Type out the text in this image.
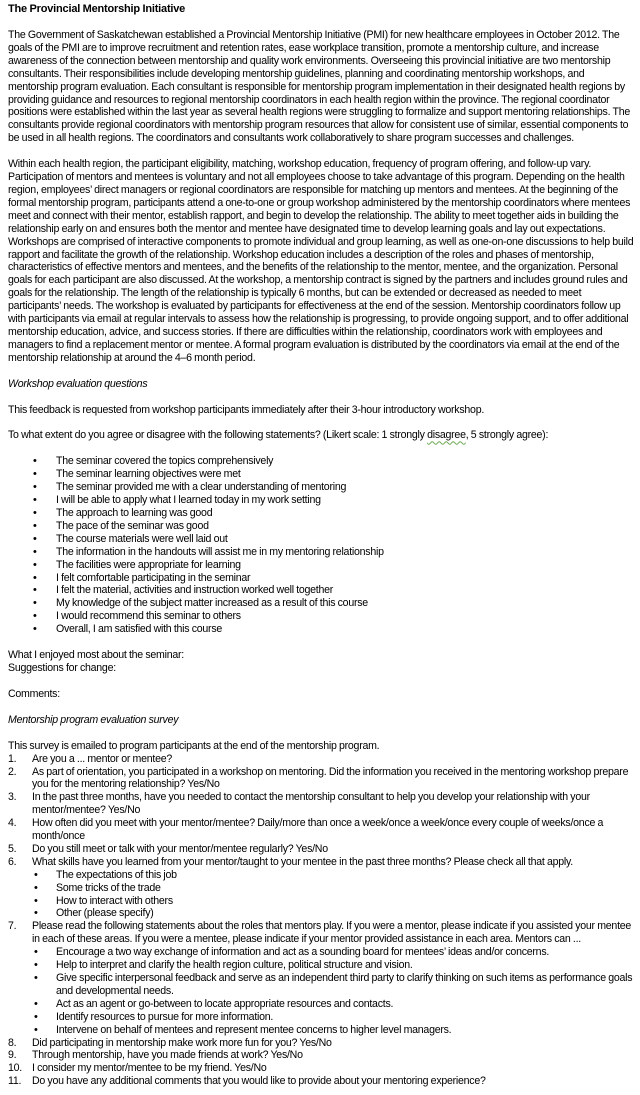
The Provincial Mentorship Initiative

The Government of Saskatchewan established a Provincial Mentorship Initiative (PMI) for new healthcare employees in October 2012. The goals of the PMI are to improve recruitment and retention rates, ease workplace transition, promote a mentorship culture, and increase awareness of the connection between mentorship and quality work environments. Overseeing this provincial initiative are two mentorship consultants. Their responsibilities include developing mentorship guidelines, planning and coordinating mentorship workshops, and mentorship program evaluation. Each consultant is responsible for mentorship program implementation in their designated health regions by providing guidance and resources to regional mentorship coordinators in each health region within the province. The regional coordinator positions were established within the last year as several health regions were struggling to formalize and support mentoring relationships. The consultants provide regional coordinators with mentorship program resources that allow for consistent use of similar, essential components to be used in all health regions. The coordinators and consultants work collaboratively to share program successes and challenges.

Within each health region, the participant eligibility, matching, workshop education, frequency of program offering, and follow-up vary. Participation of mentors and mentees is voluntary and not all employees choose to take advantage of this program. Depending on the health region, employees’ direct managers or regional coordinators are responsible for matching up mentors and mentees. At the beginning of the formal mentorship program, participants attend a one-to-one or group workshop administered by the mentorship coordinators where mentees meet and connect with their mentor, establish rapport, and begin to develop the relationship. The ability to meet together aids in building the relationship early on and ensures both the mentor and mentee have designated time to develop learning goals and lay out expectations. Workshops are comprised of interactive components to promote individual and group learning, as well as one-on-one discussions to help build rapport and facilitate the growth of the relationship. Workshop education includes a description of the roles and phases of mentorship, characteristics of effective mentors and mentees, and the benefits of the relationship to the mentor, mentee, and the organization. Personal goals for each participant are also discussed. At the workshop, a mentorship contract is signed by the partners and includes ground rules and goals for the relationship. The length of the relationship is typically 6 months, but can be extended or decreased as needed to meet participants’ needs. The workshop is evaluated by participants for effectiveness at the end of the session. Mentorship coordinators follow up with participants via email at regular intervals to assess how the relationship is progressing, to provide ongoing support, and to offer additional mentorship education, advice, and success stories. If there are difficulties within the relationship, coordinators work with employees and managers to find a replacement mentor or mentee. A formal program evaluation is distributed by the coordinators via email at the end of the mentorship relationship at around the 4–6 month period.

Workshop evaluation questions

This feedback is requested from workshop participants immediately after their 3-hour introductory workshop.

To what extent do you agree or disagree with the following statements? (Likert scale: 1 strongly disagree, 5 strongly agree):

• The seminar covered the topics comprehensively
• The seminar learning objectives were met
• The seminar provided me with a clear understanding of mentoring
• I will be able to apply what I learned today in my work setting
• The approach to learning was good
• The pace of the seminar was good
• The course materials were well laid out
• The information in the handouts will assist me in my mentoring relationship
• The facilities were appropriate for learning
• I felt comfortable participating in the seminar
• I felt the material, activities and instruction worked well together
• My knowledge of the subject matter increased as a result of this course
• I would recommend this seminar to others
• Overall, I am satisfied with this course

What I enjoyed most about the seminar:

Suggestions for change:

Comments:

Mentorship program evaluation survey

This survey is emailed to program participants at the end of the mentorship program.

1. Are you a ... mentor or mentee?
2. As part of orientation, you participated in a workshop on mentoring. Did the information you received in the mentoring workshop prepare you for the mentoring relationship? Yes/No
3. In the past three months, have you needed to contact the mentorship consultant to help you develop your relationship with your mentor/mentee? Yes/No
4. How often did you meet with your mentor/mentee? Daily/more than once a week/once a week/once every couple of weeks/once a month/once
5. Do you still meet or talk with your mentor/mentee regularly? Yes/No
6. What skills have you learned from your mentor/taught to your mentee in the past three months? Please check all that apply.
• The expectations of this job
• Some tricks of the trade
• How to interact with others
• Other (please specify)
7. Please read the following statements about the roles that mentors play. If you were a mentor, please indicate if you assisted your mentee in each of these areas. If you were a mentee, please indicate if your mentor provided assistance in each area. Mentors can ...
• Encourage a two way exchange of information and act as a sounding board for mentees’ ideas and/or concerns.
• Help to interpret and clarify the health region culture, political structure and vision.
• Give specific interpersonal feedback and serve as an independent third party to clarify thinking on such items as performance goals and developmental needs.
• Act as an agent or go-between to locate appropriate resources and contacts.
• Identify resources to pursue for more information.
• Intervene on behalf of mentees and represent mentee concerns to higher level managers.
8. Did participating in mentorship make work more fun for you? Yes/No
9. Through mentorship, have you made friends at work? Yes/No
10. I consider my mentor/mentee to be my friend. Yes/No
11. Do you have any additional comments that you would like to provide about your mentoring experience?
